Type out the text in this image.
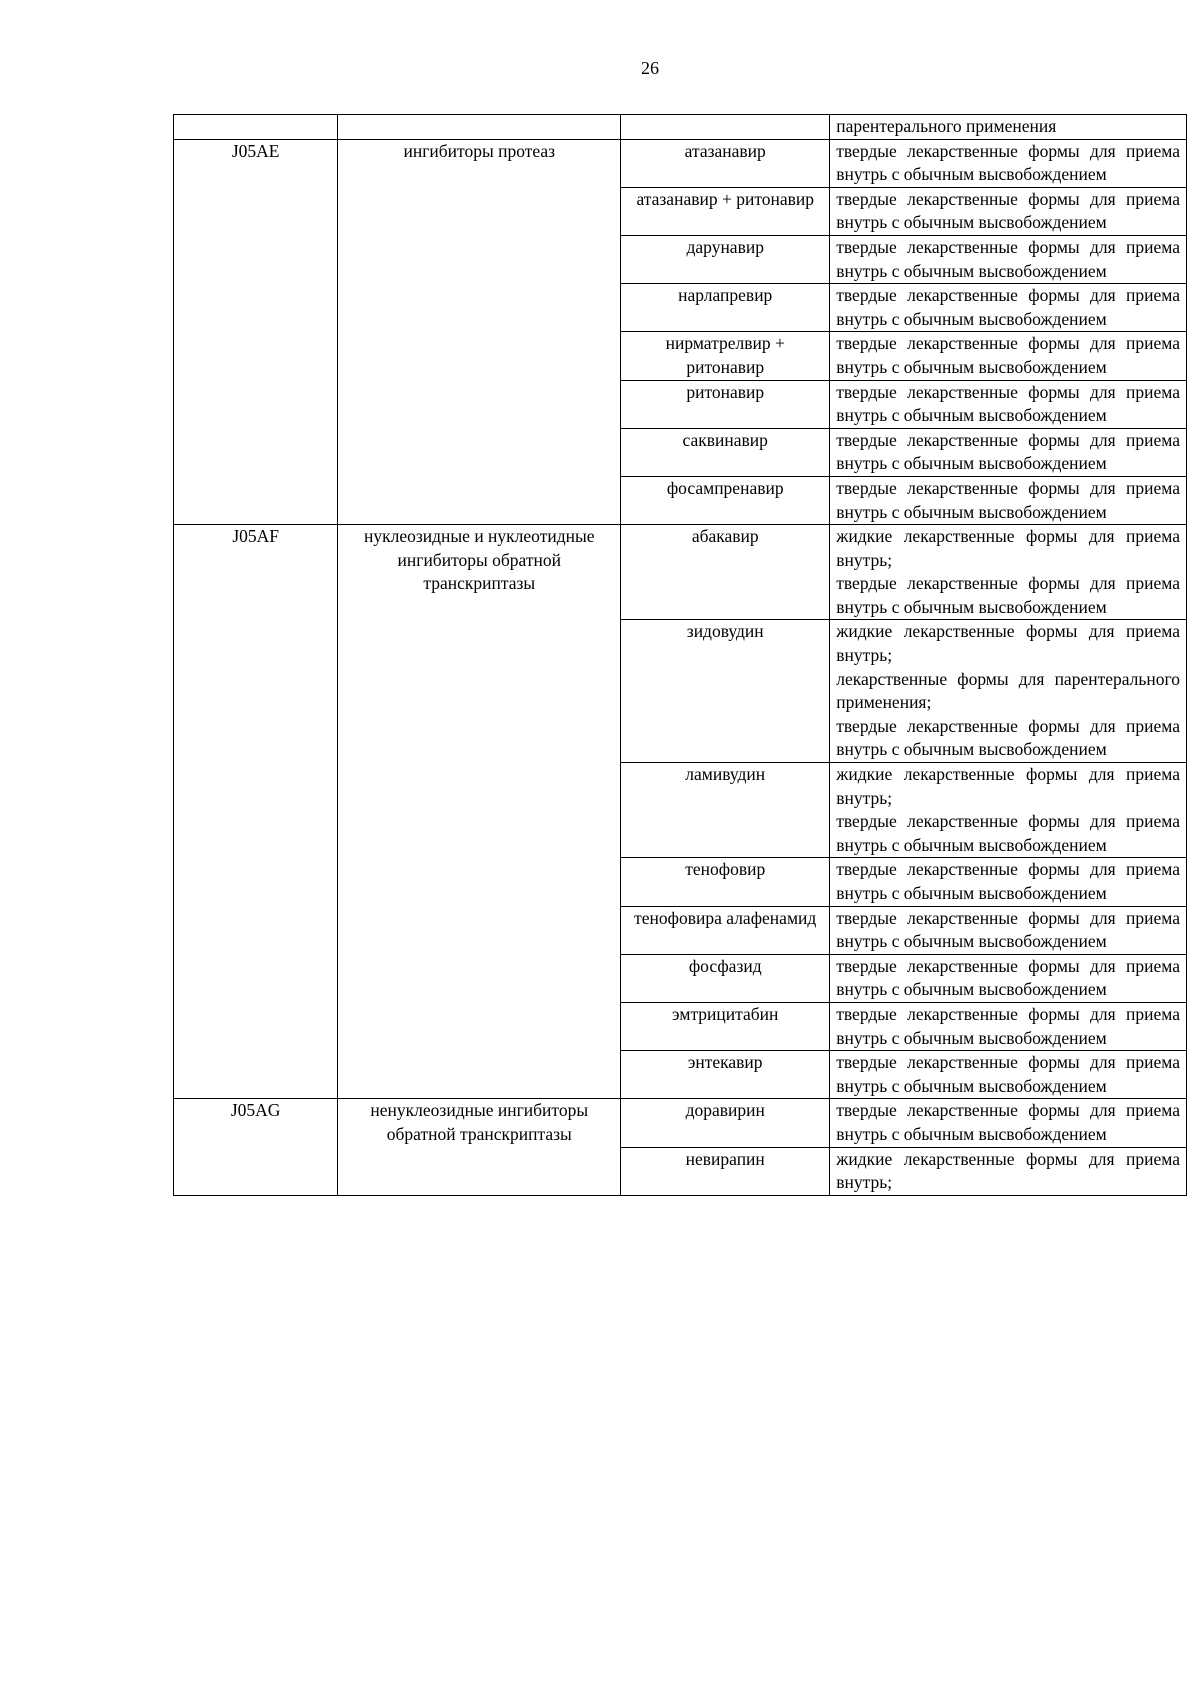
26

			парентерального применения

J05AE	ингибиторы протеаз	атазанавир	твердые лекарственные формы для приема внутрь с обычным высвобождением

		атазанавир + ритонавир	твердые лекарственные формы для приема внутрь с обычным высвобождением

		дарунавир	твердые лекарственные формы для приема внутрь с обычным высвобождением

		нарлапревир	твердые лекарственные формы для приема внутрь с обычным высвобождением

		нирматрелвир + ритонавир	твердые лекарственные формы для приема внутрь с обычным высвобождением

		ритонавир	твердые лекарственные формы для приема внутрь с обычным высвобождением

		саквинавир	твердые лекарственные формы для приема внутрь с обычным высвобождением

		фосампренавир	твердые лекарственные формы для приема внутрь с обычным высвобождением

J05AF	нуклеозидные и нуклеотидные ингибиторы обратной транскриптазы	абакавир	жидкие лекарственные формы для приема внутрь;
твердые лекарственные формы для приема внутрь с обычным высвобождением

		зидовудин	жидкие лекарственные формы для приема внутрь;
лекарственные формы для парентерального применения;
твердые лекарственные формы для приема внутрь с обычным высвобождением

		ламивудин	жидкие лекарственные формы для приема внутрь;
твердые лекарственные формы для приема внутрь с обычным высвобождением

		тенофовир	твердые лекарственные формы для приема внутрь с обычным высвобождением

		тенофовира алафенамид	твердые лекарственные формы для приема внутрь с обычным высвобождением

		фосфазид	твердые лекарственные формы для приема внутрь с обычным высвобождением

		эмтрицитабин	твердые лекарственные формы для приема внутрь с обычным высвобождением

		энтекавир	твердые лекарственные формы для приема внутрь с обычным высвобождением

J05AG	ненуклеозидные ингибиторы обратной транскриптазы	доравирин	твердые лекарственные формы для приема внутрь с обычным высвобождением

		невирапин	жидкие лекарственные формы для приема внутрь;
